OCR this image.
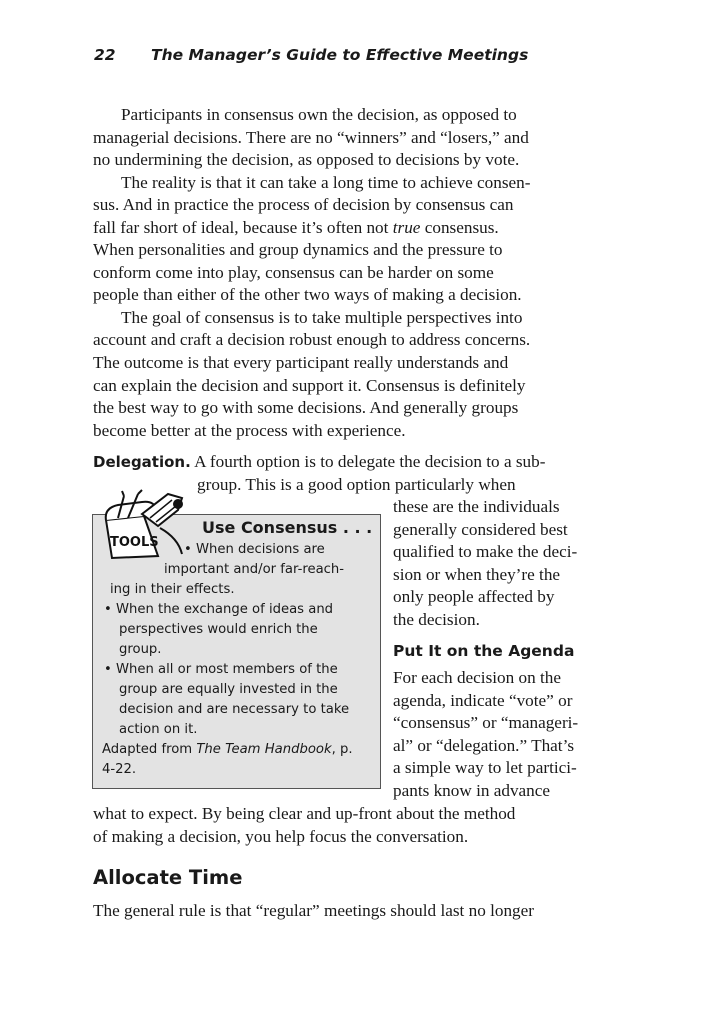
22 The Manager’s Guide to Effective Meetings

Participants in consensus own the decision, as opposed to
managerial decisions. There are no “winners” and “losers,” and
no undermining the decision, as opposed to decisions by vote.

The reality is that it can take a long time to achieve consen-
sus. And in practice the process of decision by consensus can
fall far short of ideal, because it’s often not true consensus.
When personalities and group dynamics and the pressure to
conform come into play, consensus can be harder on some
people than either of the other two ways of making a decision.

The goal of consensus is to take multiple perspectives into
account and craft a decision robust enough to address concerns.
The outcome is that every participant really understands and
can explain the decision and support it. Consensus is definitely
the best way to go with some decisions. And generally groups
become better at the process with experience.

Delegation. A fourth option is to delegate the decision to a sub-
group. This is a good option particularly when
these are the individuals
generally considered best
qualified to make the deci-
sion or when they’re the
only people affected by
the decision.
Put It on the Agenda
For each decision on the
agenda, indicate “vote” or
“consensus” or “manageri-
al” or “delegation.” That’s
a simple way to let partici-
pants know in advance
what to expect. By being clear and up-front about the method
of making a decision, you help focus the conversation.
TOOLS
Use Consensus . . .
• When decisions are
important and/or far-reach-
ing in their effects.
• When the exchange of ideas and
perspectives would enrich the
group.
• When all or most members of the
group are equally invested in the
decision and are necessary to take
action on it.
Adapted from The Team Handbook, p.
4-22.
Allocate Time
The general rule is that “regular” meetings should last no longer
